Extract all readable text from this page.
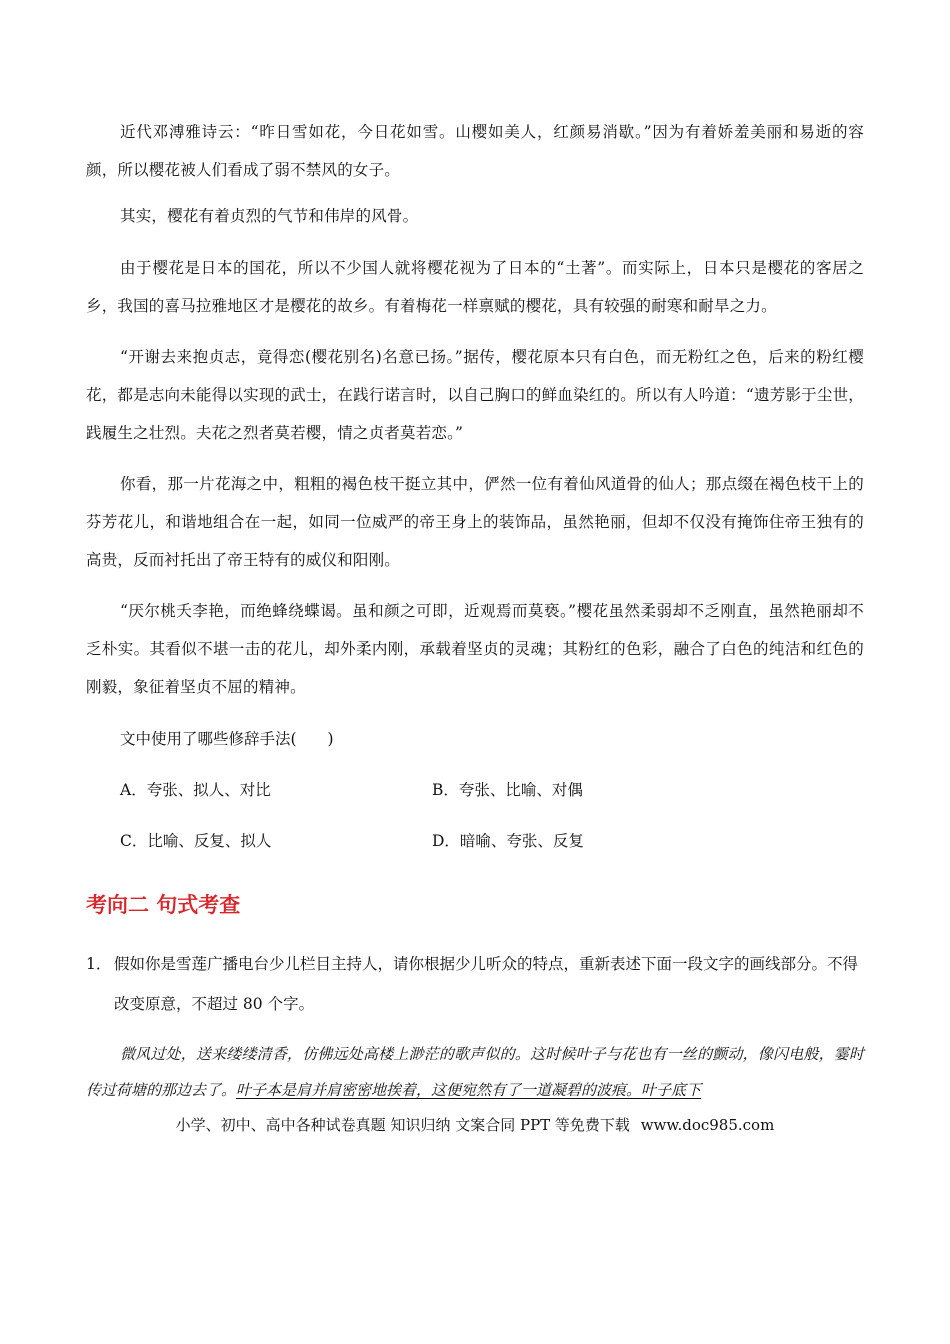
近代邓溥雅诗云：“昨日雪如花，今日花如雪。山樱如美人，红颜易消歇。”因为有着娇羞美丽和易逝的容颜，所以樱花被人们看成了弱不禁风的女子。

其实，樱花有着贞烈的气节和伟岸的风骨。

由于樱花是日本的国花，所以不少国人就将樱花视为了日本的“土著”。而实际上，日本只是樱花的客居之乡，我国的喜马拉雅地区才是樱花的故乡。有着梅花一样禀赋的樱花，具有较强的耐寒和耐旱之力。

“开谢去来抱贞志，竟得恋(樱花别名)名意已扬。”据传，樱花原本只有白色，而无粉红之色，后来的粉红樱花，都是志向未能得以实现的武士，在践行诺言时，以自己胸口的鲜血染红的。所以有人吟道：“遗芳影于尘世，践履生之壮烈。夫花之烈者莫若樱，情之贞者莫若恋。”

你看，那一片花海之中，粗粗的褐色枝干挺立其中，俨然一位有着仙风道骨的仙人；那点缀在褐色枝干上的芬芳花儿，和谐地组合在一起，如同一位威严的帝王身上的装饰品，虽然艳丽，但却不仅没有掩饰住帝王独有的高贵，反而衬托出了帝王特有的威仪和阳刚。

“厌尔桃夭李艳，而绝蜂绕蝶谒。虽和颜之可即，近观焉而莫亵。”樱花虽然柔弱却不乏刚直，虽然艳丽却不乏朴实。其看似不堪一击的花儿，却外柔内刚，承载着坚贞的灵魂；其粉红的色彩，融合了白色的纯洁和红色的刚毅，象征着坚贞不屈的精神。

文中使用了哪些修辞手法(　　)

A．夸张、拟人、对比	B．夸张、比喻、对偶

C．比喻、反复、拟人	D．暗喻、夸张、反复

考向二 句式考查
1． 假如你是雪莲广播电台少儿栏目主持人，请你根据少儿听众的特点，重新表述下面一段文字的画线部分。不得改变原意，不超过 80 个字。

微风过处，送来缕缕清香，仿佛远处高楼上渺茫的歌声似的。这时候叶子与花也有一丝的颤动，像闪电般，霎时传过荷塘的那边去了。叶子本是肩并肩密密地挨着，这便宛然有了一道凝碧的波痕。叶子底下

小学、初中、高中各种试卷真题 知识归纳 文案合同 PPT 等免费下载 www.doc985.com
